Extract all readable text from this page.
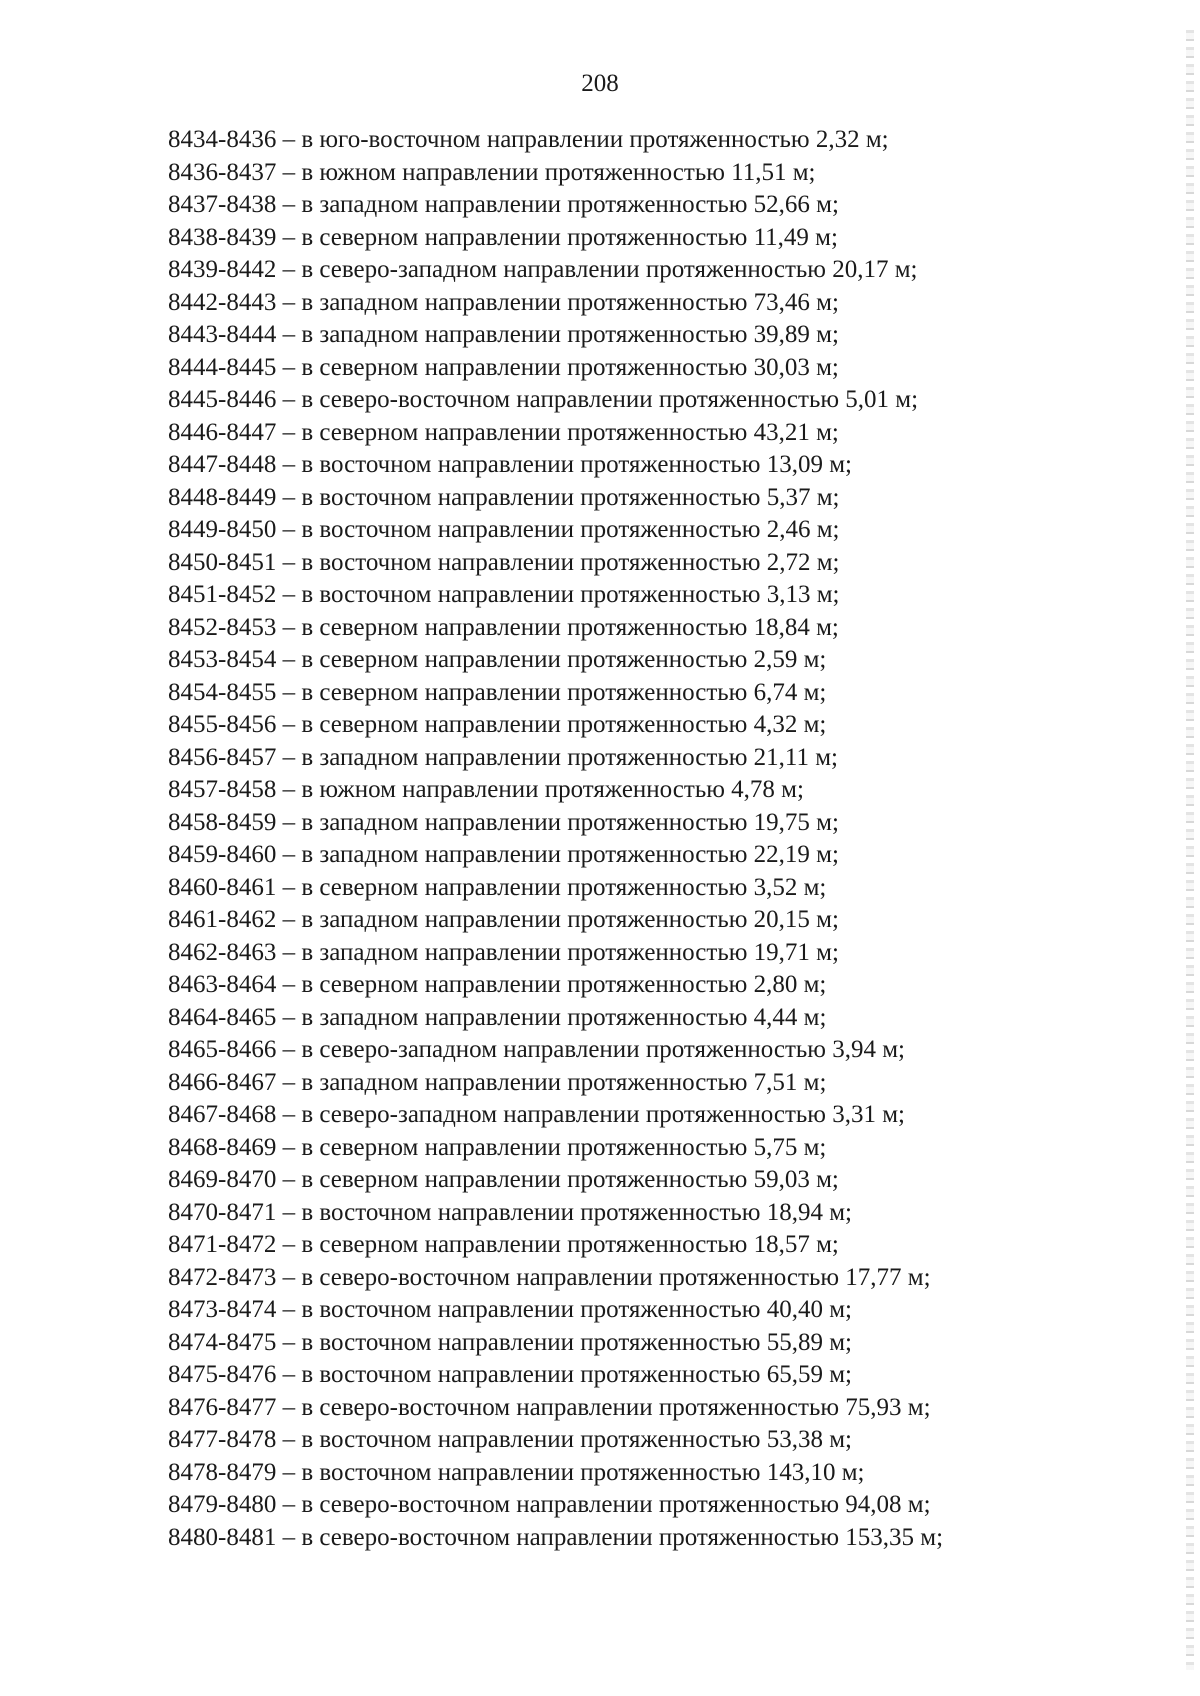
208
8434-8436 – в юго-восточном направлении протяженностью 2,32 м;
8436-8437 – в южном направлении протяженностью 11,51 м;
8437-8438 – в западном направлении протяженностью 52,66 м;
8438-8439 – в северном направлении протяженностью 11,49 м;
8439-8442 – в северо-западном направлении протяженностью 20,17 м;
8442-8443 – в западном направлении протяженностью 73,46 м;
8443-8444 – в западном направлении протяженностью 39,89 м;
8444-8445 – в северном направлении протяженностью 30,03 м;
8445-8446 – в северо-восточном направлении протяженностью 5,01 м;
8446-8447 – в северном направлении протяженностью 43,21 м;
8447-8448 – в восточном направлении протяженностью 13,09 м;
8448-8449 – в восточном направлении протяженностью 5,37 м;
8449-8450 – в восточном направлении протяженностью 2,46 м;
8450-8451 – в восточном направлении протяженностью 2,72 м;
8451-8452 – в восточном направлении протяженностью 3,13 м;
8452-8453 – в северном направлении протяженностью 18,84 м;
8453-8454 – в северном направлении протяженностью 2,59 м;
8454-8455 – в северном направлении протяженностью 6,74 м;
8455-8456 – в северном направлении протяженностью 4,32 м;
8456-8457 – в западном направлении протяженностью 21,11 м;
8457-8458 – в южном направлении протяженностью 4,78 м;
8458-8459 – в западном направлении протяженностью 19,75 м;
8459-8460 – в западном направлении протяженностью 22,19 м;
8460-8461 – в северном направлении протяженностью 3,52 м;
8461-8462 – в западном направлении протяженностью 20,15 м;
8462-8463 – в западном направлении протяженностью 19,71 м;
8463-8464 – в северном направлении протяженностью 2,80 м;
8464-8465 – в западном направлении протяженностью 4,44 м;
8465-8466 – в северо-западном направлении протяженностью 3,94 м;
8466-8467 – в западном направлении протяженностью 7,51 м;
8467-8468 – в северо-западном направлении протяженностью 3,31 м;
8468-8469 – в северном направлении протяженностью 5,75 м;
8469-8470 – в северном направлении протяженностью 59,03 м;
8470-8471 – в восточном направлении протяженностью 18,94 м;
8471-8472 – в северном направлении протяженностью 18,57 м;
8472-8473 – в северо-восточном направлении протяженностью 17,77 м;
8473-8474 – в восточном направлении протяженностью 40,40 м;
8474-8475 – в восточном направлении протяженностью 55,89 м;
8475-8476 – в восточном направлении протяженностью 65,59 м;
8476-8477 – в северо-восточном направлении протяженностью 75,93 м;
8477-8478 – в восточном направлении протяженностью 53,38 м;
8478-8479 – в восточном направлении протяженностью 143,10 м;
8479-8480 – в северо-восточном направлении протяженностью 94,08 м;
8480-8481 – в северо-восточном направлении протяженностью 153,35 м;
